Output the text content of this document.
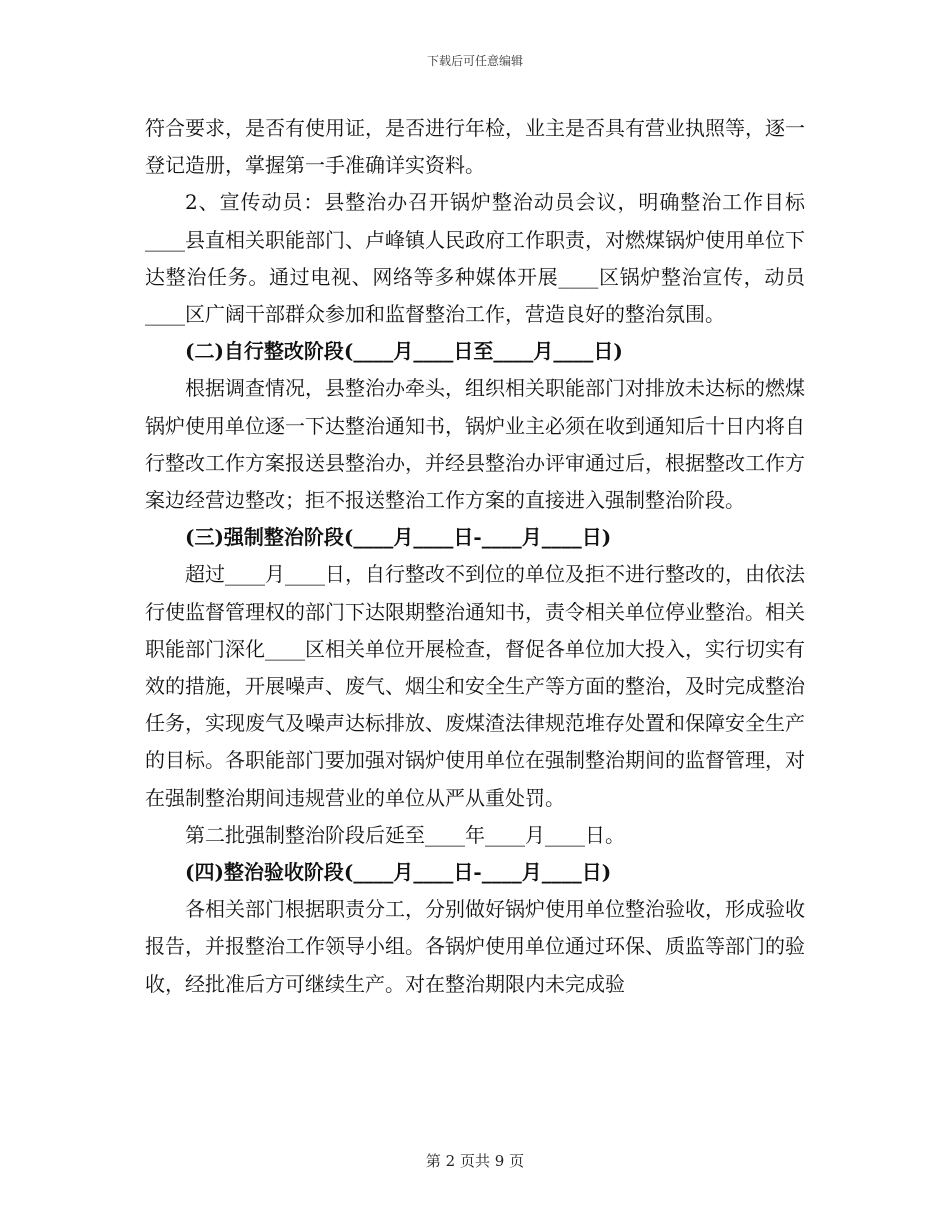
下载后可任意编辑

符合要求，是否有使用证，是否进行年检，业主是否具有营业执照等，逐一登记造册，掌握第一手准确详实资料。

2、宣传动员：县整治办召开锅炉整治动员会议，明确整治工作目标____县直相关职能部门、卢峰镇人民政府工作职责，对燃煤锅炉使用单位下达整治任务。通过电视、网络等多种媒体开展____区锅炉整治宣传，动员____区广阔干部群众参加和监督整治工作，营造良好的整治氛围。

(二)自行整改阶段(____月____日至____月____日)

根据调查情况，县整治办牵头，组织相关职能部门对排放未达标的燃煤锅炉使用单位逐一下达整治通知书，锅炉业主必须在收到通知后十日内将自行整改工作方案报送县整治办，并经县整治办评审通过后，根据整改工作方案边经营边整改；拒不报送整治工作方案的直接进入强制整治阶段。

(三)强制整治阶段(____月____日-____月____日)

超过____月____日，自行整改不到位的单位及拒不进行整改的，由依法行使监督管理权的部门下达限期整治通知书，责令相关单位停业整治。相关职能部门深化____区相关单位开展检查，督促各单位加大投入，实行切实有效的措施，开展噪声、废气、烟尘和安全生产等方面的整治，及时完成整治任务，实现废气及噪声达标排放、废煤渣法律规范堆存处置和保障安全生产的目标。各职能部门要加强对锅炉使用单位在强制整治期间的监督管理，对在强制整治期间违规营业的单位从严从重处罚。

第二批强制整治阶段后延至____年____月____日。

(四)整治验收阶段(____月____日-____月____日)

各相关部门根据职责分工，分别做好锅炉使用单位整治验收，形成验收报告，并报整治工作领导小组。各锅炉使用单位通过环保、质监等部门的验收，经批准后方可继续生产。对在整治期限内未完成验

第 2 页共 9 页
